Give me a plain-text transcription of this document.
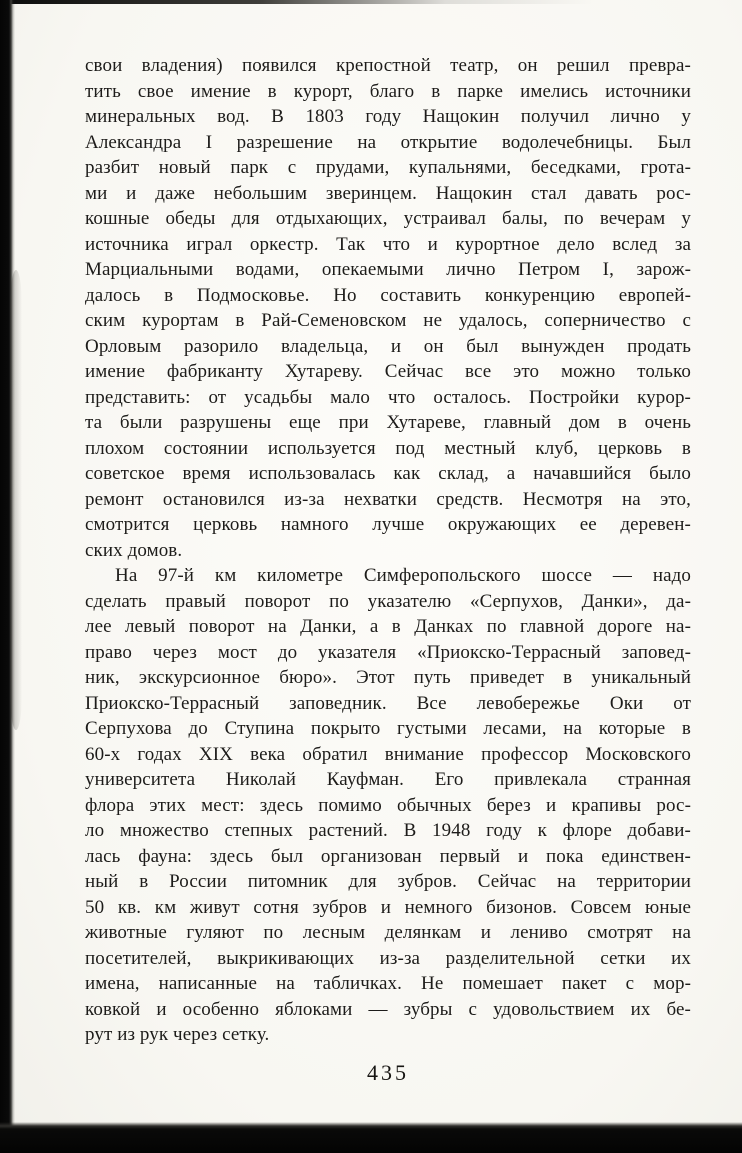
свои владения) появился крепостной театр, он решил превра-
тить свое имение в курорт, благо в парке имелись источники
минеральных вод. В 1803 году Нащокин получил лично у
Александра I разрешение на открытие водолечебницы. Был
разбит новый парк с прудами, купальнями, беседками, грота-
ми и даже небольшим зверинцем. Нащокин стал давать рос-
кошные обеды для отдыхающих, устраивал балы, по вечерам у
источника играл оркестр. Так что и курортное дело вслед за
Марциальными водами, опекаемыми лично Петром I, зарож-
далось в Подмосковье. Но составить конкуренцию европей-
ским курортам в Рай-Семеновском не удалось, соперничество с
Орловым разорило владельца, и он был вынужден продать
имение фабриканту Хутареву. Сейчас все это можно только
представить: от усадьбы мало что осталось. Постройки курор-
та были разрушены еще при Хутареве, главный дом в очень
плохом состоянии используется под местный клуб, церковь в
советское время использовалась как склад, а начавшийся было
ремонт остановился из-за нехватки средств. Несмотря на это,
смотрится церковь намного лучше окружающих ее деревен-
ских домов.
На 97-й км километре Симферопольского шоссе — надо
сделать правый поворот по указателю «Серпухов, Данки», да-
лее левый поворот на Данки, а в Данках по главной дороге на-
право через мост до указателя «Приокско-Террасный заповед-
ник, экскурсионное бюро». Этот путь приведет в уникальный
Приокско-Террасный заповедник. Все левобережье Оки от
Серпухова до Ступина покрыто густыми лесами, на которые в
60-х годах XIX века обратил внимание профессор Московского
университета Николай Кауфман. Его привлекала странная
флора этих мест: здесь помимо обычных берез и крапивы рос-
ло множество степных растений. В 1948 году к флоре добави-
лась фауна: здесь был организован первый и пока единствен-
ный в России питомник для зубров. Сейчас на территории
50 кв. км живут сотня зубров и немного бизонов. Совсем юные
животные гуляют по лесным делянкам и лениво смотрят на
посетителей, выкрикивающих из-за разделительной сетки их
имена, написанные на табличках. Не помешает пакет с мор-
ковкой и особенно яблоками — зубры с удовольствием их бе-
рут из рук через сетку.
435
